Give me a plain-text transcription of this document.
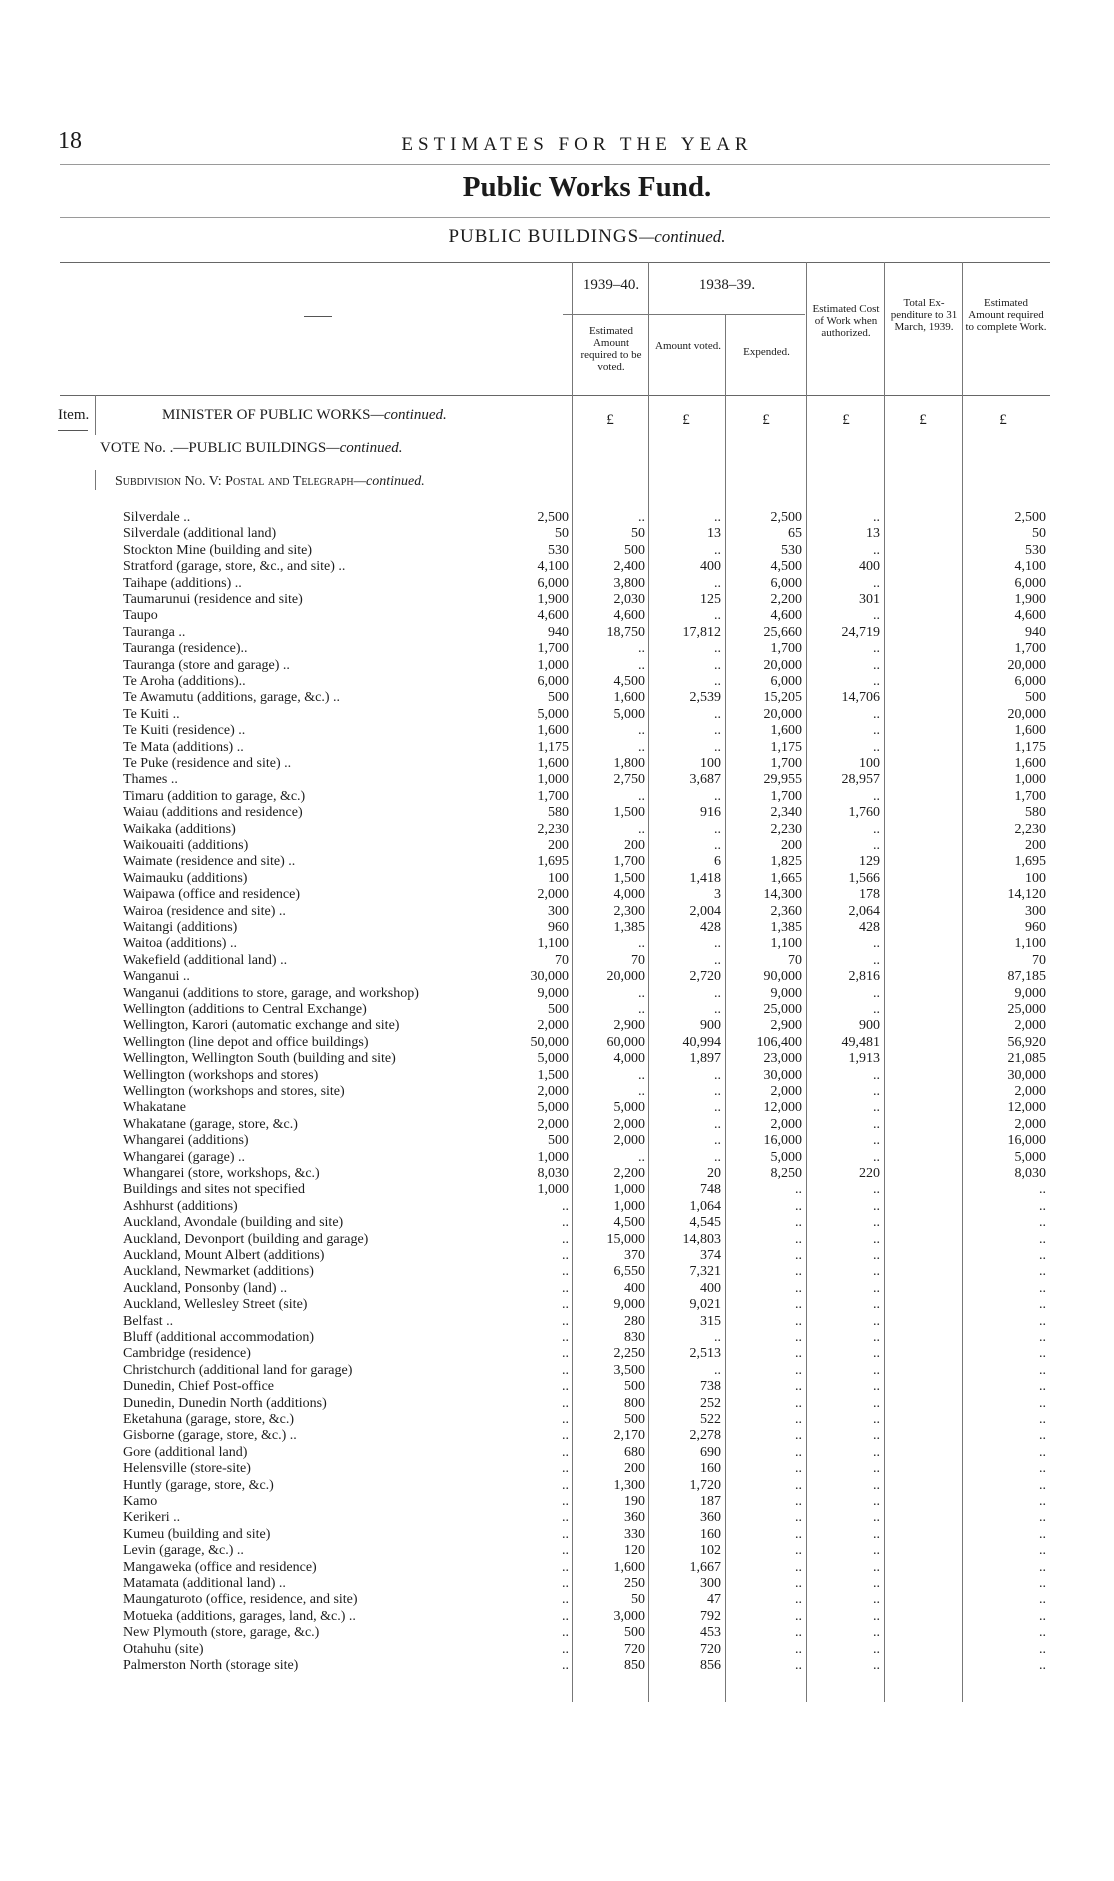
18	ESTIMATES FOR THE YEAR
Public Works Fund.
PUBLIC BUILDINGS—continued.
1939–40.	1938–39.
Estimated Amount required to be voted.
Amount voted.	Expended.
Estimated Cost of Work when authorized.
Total Ex-penditure to 31 March, 1939.
Estimated Amount required to complete Work.
Item.	MINISTER OF PUBLIC WORKS—continued.
VOTE No. .—PUBLIC BUILDINGS—continued.
Subdivision No. V: Postal and Telegraph—continued.
£	£	£	£	£	£
Silverdale ..	2,500	..	..	2,500	..	2,500
Silverdale (additional land)	50	50	13	65	13	50
Stockton Mine (building and site)	530	500	..	530	..	530
Stratford (garage, store, &c., and site) ..	4,100	2,400	400	4,500	400	4,100
Taihape (additions) ..	6,000	3,800	..	6,000	..	6,000
Taumarunui (residence and site)	1,900	2,030	125	2,200	301	1,900
Taupo	4,600	4,600	..	4,600	..	4,600
Tauranga ..	940	18,750	17,812	25,660	24,719	940
Tauranga (residence)..	1,700	..	..	1,700	..	1,700
Tauranga (store and garage) ..	1,000	..	..	20,000	..	20,000
Te Aroha (additions)..	6,000	4,500	..	6,000	..	6,000
Te Awamutu (additions, garage, &c.) ..	500	1,600	2,539	15,205	14,706	500
Te Kuiti ..	5,000	5,000	..	20,000	..	20,000
Te Kuiti (residence) ..	1,600	..	..	1,600	..	1,600
Te Mata (additions) ..	1,175	..	..	1,175	..	1,175
Te Puke (residence and site) ..	1,600	1,800	100	1,700	100	1,600
Thames ..	1,000	2,750	3,687	29,955	28,957	1,000
Timaru (addition to garage, &c.)	1,700	..	..	1,700	..	1,700
Waiau (additions and residence)	580	1,500	916	2,340	1,760	580
Waikaka (additions)	2,230	..	..	2,230	..	2,230
Waikouaiti (additions)	200	200	..	200	..	200
Waimate (residence and site) ..	1,695	1,700	6	1,825	129	1,695
Waimauku (additions)	100	1,500	1,418	1,665	1,566	100
Waipawa (office and residence)	2,000	4,000	3	14,300	178	14,120
Wairoa (residence and site) ..	300	2,300	2,004	2,360	2,064	300
Waitangi (additions)	960	1,385	428	1,385	428	960
Waitoa (additions) ..	1,100	..	..	1,100	..	1,100
Wakefield (additional land) ..	70	70	..	70	..	70
Wanganui ..	30,000	20,000	2,720	90,000	2,816	87,185
Wanganui (additions to store, garage, and workshop)	9,000	..	..	9,000	..	9,000
Wellington (additions to Central Exchange)	500	..	..	25,000	..	25,000
Wellington, Karori (automatic exchange and site)	2,000	2,900	900	2,900	900	2,000
Wellington (line depot and office buildings)	50,000	60,000	40,994	106,400	49,481	56,920
Wellington, Wellington South (building and site)	5,000	4,000	1,897	23,000	1,913	21,085
Wellington (workshops and stores)	1,500	..	..	30,000	..	30,000
Wellington (workshops and stores, site)	2,000	..	..	2,000	..	2,000
Whakatane	5,000	5,000	..	12,000	..	12,000
Whakatane (garage, store, &c.)	2,000	2,000	..	2,000	..	2,000
Whangarei (additions)	500	2,000	..	16,000	..	16,000
Whangarei (garage) ..	1,000	..	..	5,000	..	5,000
Whangarei (store, workshops, &c.)	8,030	2,200	20	8,250	220	8,030
Buildings and sites not specified	1,000	1,000	748	..	..	..
Ashhurst (additions)	..	1,000	1,064	..	..	..
Auckland, Avondale (building and site)	..	4,500	4,545	..	..	..
Auckland, Devonport (building and garage)	..	15,000	14,803	..	..	..
Auckland, Mount Albert (additions)	..	370	374	..	..	..
Auckland, Newmarket (additions)	..	6,550	7,321	..	..	..
Auckland, Ponsonby (land) ..	..	400	400	..	..	..
Auckland, Wellesley Street (site)	..	9,000	9,021	..	..	..
Belfast ..	..	280	315	..	..	..
Bluff (additional accommodation)	..	830	..	..	..	..
Cambridge (residence)	..	2,250	2,513	..	..	..
Christchurch (additional land for garage)	..	3,500	..	..	..	..
Dunedin, Chief Post-office	..	500	738	..	..	..
Dunedin, Dunedin North (additions)	..	800	252	..	..	..
Eketahuna (garage, store, &c.)	..	500	522	..	..	..
Gisborne (garage, store, &c.) ..	..	2,170	2,278	..	..	..
Gore (additional land)	..	680	690	..	..	..
Helensville (store-site)	..	200	160	..	..	..
Huntly (garage, store, &c.)	..	1,300	1,720	..	..	..
Kamo	..	190	187	..	..	..
Kerikeri ..	..	360	360	..	..	..
Kumeu (building and site)	..	330	160	..	..	..
Levin (garage, &c.) ..	..	120	102	..	..	..
Mangaweka (office and residence)	..	1,600	1,667	..	..	..
Matamata (additional land) ..	..	250	300	..	..	..
Maungaturoto (office, residence, and site)	..	50	47	..	..	..
Motueka (additions, garages, land, &c.) ..	..	3,000	792	..	..	..
New Plymouth (store, garage, &c.)	..	500	453	..	..	..
Otahuhu (site)	..	720	720	..	..	..
Palmerston North (storage site)	..	850	856	..	..	..
